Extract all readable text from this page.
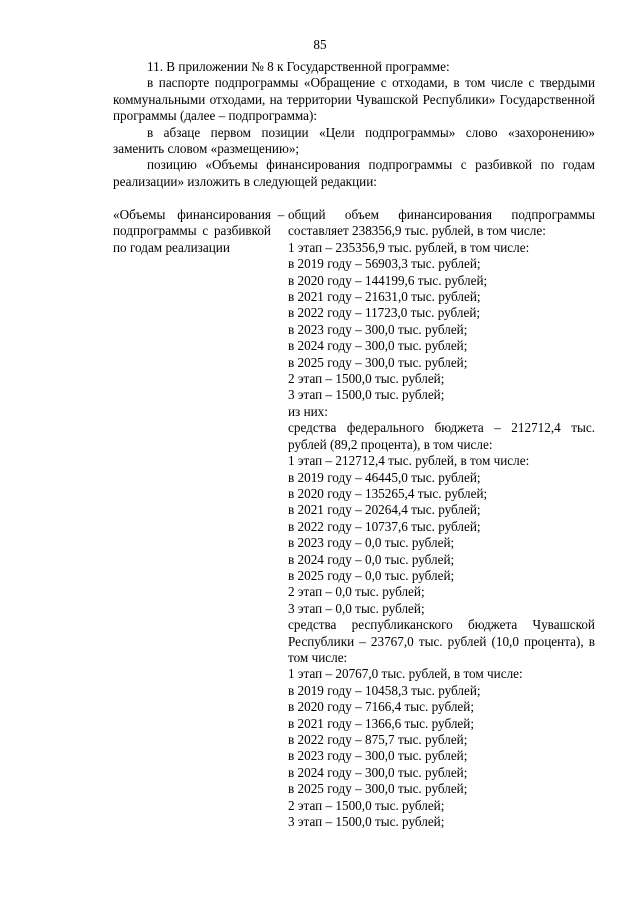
85

11. В приложении № 8 к Государственной программе:

в паспорте подпрограммы «Обращение с отходами, в том числе с твердыми коммунальными отходами, на территории Чувашской Республики» Государственной программы (далее – подпрограмма):

в абзаце первом позиции «Цели подпрограммы» слово «захоронению» заменить словом «размещению»;

позицию «Объемы финансирования подпрограммы с разбивкой по годам реализации» изложить в следующей редакции:

«Объемы финансирования подпрограммы с разбивкой по годам реализации
– общий объем финансирования подпрограммы составляет 238356,9 тыс. рублей, в том числе:
1 этап – 235356,9 тыс. рублей, в том числе:
в 2019 году – 56903,3 тыс. рублей;
в 2020 году – 144199,6 тыс. рублей;
в 2021 году – 21631,0 тыс. рублей;
в 2022 году – 11723,0 тыс. рублей;
в 2023 году – 300,0 тыс. рублей;
в 2024 году – 300,0 тыс. рублей;
в 2025 году – 300,0 тыс. рублей;
2 этап – 1500,0 тыс. рублей;
3 этап – 1500,0 тыс. рублей;
из них:
средства федерального бюджета – 212712,4 тыс. рублей (89,2 процента), в том числе:
1 этап – 212712,4 тыс. рублей, в том числе:
в 2019 году – 46445,0 тыс. рублей;
в 2020 году – 135265,4 тыс. рублей;
в 2021 году – 20264,4 тыс. рублей;
в 2022 году – 10737,6 тыс. рублей;
в 2023 году – 0,0 тыс. рублей;
в 2024 году – 0,0 тыс. рублей;
в 2025 году – 0,0 тыс. рублей;
2 этап – 0,0 тыс. рублей;
3 этап – 0,0 тыс. рублей;
средства республиканского бюджета Чувашской Республики – 23767,0 тыс. рублей (10,0 процента), в том числе:
1 этап – 20767,0 тыс. рублей, в том числе:
в 2019 году – 10458,3 тыс. рублей;
в 2020 году – 7166,4 тыс. рублей;
в 2021 году – 1366,6 тыс. рублей;
в 2022 году – 875,7 тыс. рублей;
в 2023 году – 300,0 тыс. рублей;
в 2024 году – 300,0 тыс. рублей;
в 2025 году – 300,0 тыс. рублей;
2 этап – 1500,0 тыс. рублей;
3 этап – 1500,0 тыс. рублей;
